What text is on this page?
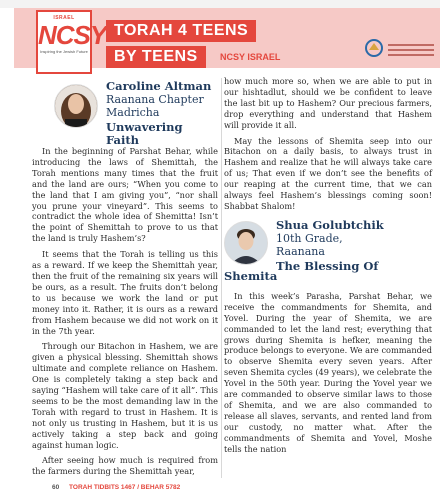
ISRAEL
NCSY
Inspiring the Jewish Future
TORAH 4 TEENS
BY TEENS	NCSY ISRAEL
Caroline Altman
Raanana Chapter
Madricha
Unwavering Faith

In the beginning of Parshat Behar, while introducing the laws of Shemittah, the Torah mentions many times that the fruit and the land are ours; “When you come to the land that I am giving you”, “nor shall you prune your vineyard”. This seems to contradict the whole idea of Shemitta! Isn’t the point of Shemittah to prove to us that the land is truly Hashem’s?

It seems that the Torah is telling us this as a reward. If we keep the Shemittah year, then the fruit of the remaining six years will be ours, as a result. The fruits don’t belong to us because we work the land or put money into it. Rather, it is ours as a reward from Hashem because we did not work on it in the 7th year.

Through our Bitachon in Hashem, we are given a physical blessing. Shemittah shows ultimate and complete reliance on Hashem. One is completely taking a step back and saying “Hashem will take care of it all”. This seems to be the most demanding law in the Torah with regard to trust in Hashem. It is not only us trusting in Hashem, but it is us actively taking a step back and going against human logic.

After seeing how much is required from the farmers during the Shemittah year,

how much more so, when we are able to put in our hishtadlut, should we be confident to leave the last bit up to Hashem? Our precious farmers, drop everything and understand that Hashem will provide it all.

May the lessons of Shemita seep into our Bitachon on a daily basis, to always trust in Hashem and realize that he will always take care of us; That even if we don’t see the benefits of our reaping at the current time, that we can always feel Hashem’s blessings coming soon! Shabbat Shalom!

Shua Golubtchik
10th Grade,
Raanana
The Blessing Of
Shemita

In this week’s Parasha, Parshat Behar, we receive the commandments for Shemita, and Yovel. During the year of Shemita, we are commanded to let the land rest; everything that grows during Shemita is hefker, meaning the produce belongs to everyone. We are commanded to observe Shemita every seven years. After seven Shemita cycles (49 years), we celebrate the Yovel in the 50th year. During the Yovel year we are commanded to observe similar laws to those of Shemita, and we are also commanded to release all slaves, servants, and rented land from our custody, no matter what. After the commandments of Shemita and Yovel, Moshe tells the nation

60 TORAH TIDBITS 1467 / BEHAR 5782
